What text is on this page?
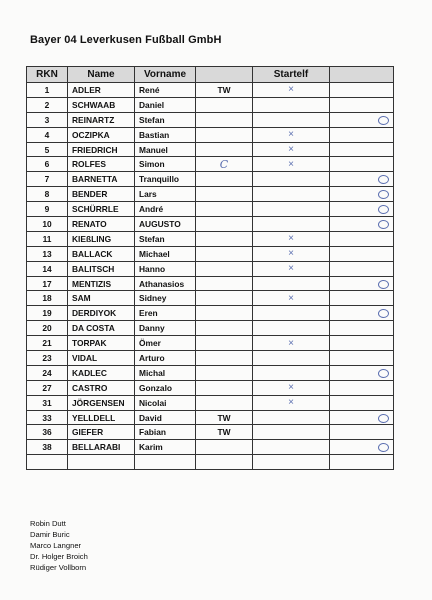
Bayer 04 Leverkusen Fußball GmbH
RKN	Name	Vorname		Startelf	
1	ADLER	René	TW	×	
2	SCHWAAB	Daniel			
3	REINARTZ	Stefan			
4	OCZIPKA	Bastian		×	
5	FRIEDRICH	Manuel		×	
6	ROLFES	Simon	C	×	
7	BARNETTA	Tranquillo			
8	BENDER	Lars			
9	SCHÜRRLE	André			
10	RENATO	AUGUSTO			
11	KIEßLING	Stefan		×	
13	BALLACK	Michael		×	
14	BALITSCH	Hanno		×	
17	MENTIZIS	Athanasios			
18	SAM	Sidney		×	
19	DERDIYOK	Eren			
20	DA COSTA	Danny			
21	TORPAK	Ömer		×	
23	VIDAL	Arturo			
24	KADLEC	Michal			
27	CASTRO	Gonzalo		×	
31	JÖRGENSEN	Nicolai		×	
33	YELLDELL	David	TW		
36	GIEFER	Fabian	TW		
38	BELLARABI	Karim			

Robin Dutt
Damir Buric
Marco Langner
Dr. Holger Broich
Rüdiger Vollborn
